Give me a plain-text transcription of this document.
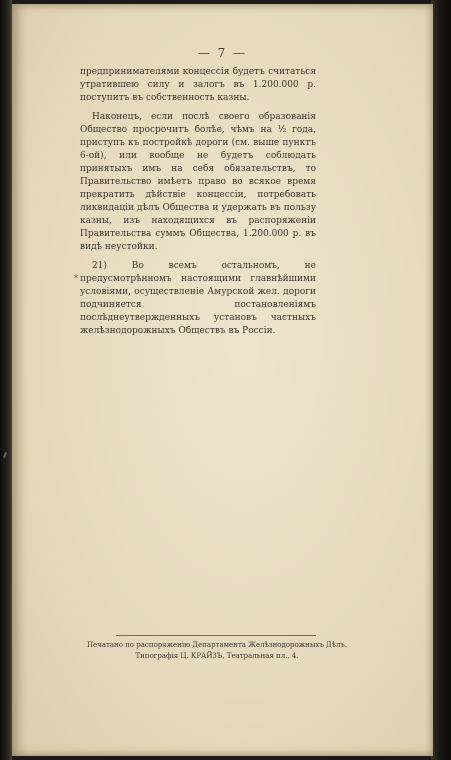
— 7 —

предпринимателями концессія будетъ считаться утратившею силу и залогъ въ 1.200.000 р. поступитъ въ собственность казны.

Наконецъ, если послѣ своего образованія Общество просрочитъ болѣе, чѣмъ на ½ года, приступъ къ постройкѣ дороги (см. выше пунктъ 6-ой), или вообще не будетъ соблюдать принятыхъ имъ на себя обязательствъ, то Правительство имѣетъ право во всякое время прекратить дѣйствіе концессіи, потребовать ликвидаціи дѣлъ Общества и удержать въ пользу казны, изъ находящихся въ распоряженіи Правительства суммъ Общества, 1.200.000 р. въ видѣ неустойки.

21) Во всемъ остальномъ, не предусмотрѣнномъ настоящими главнѣйшими условіями, осуществленіе Амурской жел. дороги подчиняется постановленіямъ послѣднеутвержденныхъ установъ частныхъ желѣзнодорожныхъ Обществъ въ Россіи.

*
Печатано по распоряженію Департамента Желѣзнодорожныхъ Дѣлъ.
Типографія Ц. КРАЙЗЪ, Театральная пл., 4.
